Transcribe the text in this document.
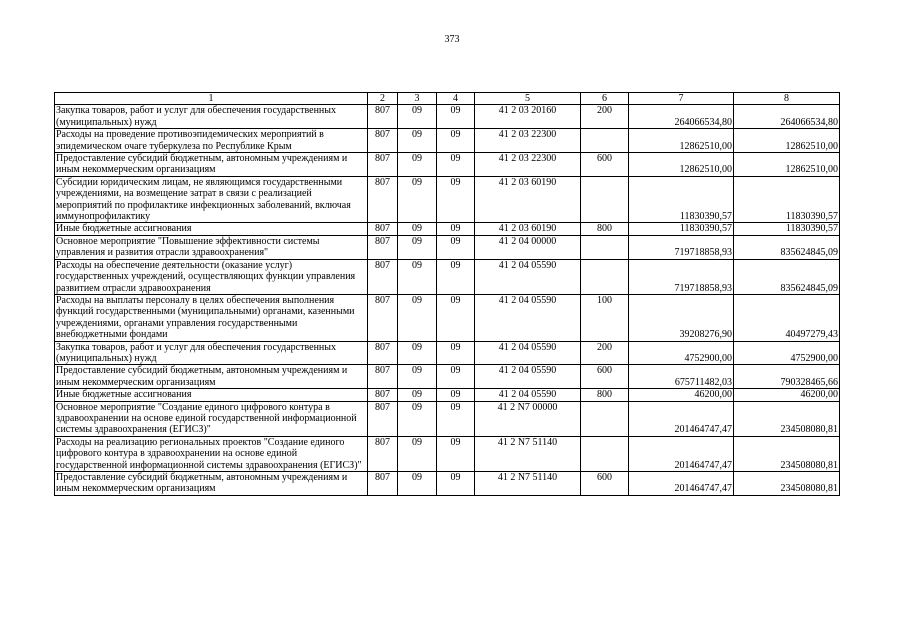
373
1	2	3	4	5	6	7	8
Закупка товаров, работ и услуг для обеспечения государственных (муниципальных) нужд	807	09	09	41 2 03 20160	200	264066534,80	264066534,80
Расходы на проведение противоэпидемических мероприятий в эпидемическом очаге туберкулеза по Республике Крым	807	09	09	41 2 03 22300		12862510,00	12862510,00
Предоставление субсидий бюджетным, автономным учреждениям и иным некоммерческим организациям	807	09	09	41 2 03 22300	600	12862510,00	12862510,00
Субсидии юридическим лицам, не являющимся государственными учреждениями, на возмещение затрат в связи с реализацией мероприятий по профилактике инфекционных заболеваний, включая иммунопрофилактику	807	09	09	41 2 03 60190		11830390,57	11830390,57
Иные бюджетные ассигнования	807	09	09	41 2 03 60190	800	11830390,57	11830390,57
Основное мероприятие "Повышение эффективности системы управления и развития отрасли здравоохранения"	807	09	09	41 2 04 00000		719718858,93	835624845,09
Расходы на обеспечение деятельности (оказание услуг) государственных учреждений, осуществляющих функции управления развитием отрасли здравоохранения	807	09	09	41 2 04 05590		719718858,93	835624845,09
Расходы на выплаты персоналу в целях обеспечения выполнения функций государственными (муниципальными) органами, казенными учреждениями, органами управления государственными внебюджетными фондами	807	09	09	41 2 04 05590	100	39208276,90	40497279,43
Закупка товаров, работ и услуг для обеспечения государственных (муниципальных) нужд	807	09	09	41 2 04 05590	200	4752900,00	4752900,00
Предоставление субсидий бюджетным, автономным учреждениям и иным некоммерческим организациям	807	09	09	41 2 04 05590	600	675711482,03	790328465,66
Иные бюджетные ассигнования	807	09	09	41 2 04 05590	800	46200,00	46200,00
Основное мероприятие "Создание единого цифрового контура в здравоохранении на основе единой государственной информационной системы здравоохранения (ЕГИСЗ)"	807	09	09	41 2 N7 00000		201464747,47	234508080,81
Расходы на реализацию региональных проектов "Создание единого цифрового контура в здравоохранении на основе единой государственной информационной системы здравоохранения (ЕГИСЗ)"	807	09	09	41 2 N7 51140		201464747,47	234508080,81
Предоставление субсидий бюджетным, автономным учреждениям и иным некоммерческим организациям	807	09	09	41 2 N7 51140	600	201464747,47	234508080,81
